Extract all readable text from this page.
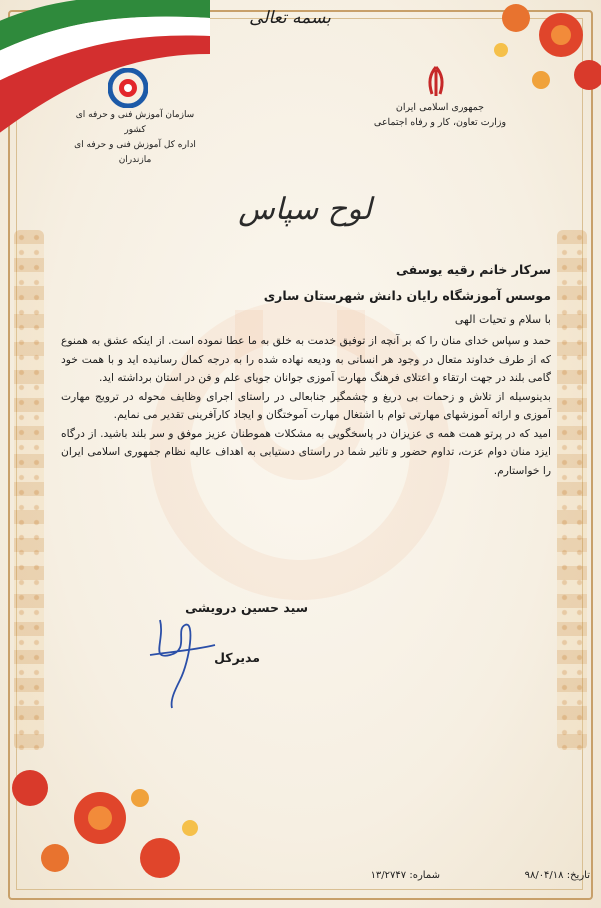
بسمه تعالی
سازمان آموزش فنی و حرفه ای کشور
اداره کل آموزش فنی و حرفه ای مازندران
جمهوری اسلامی ایران
وزارت تعاون، کار و رفاه اجتماعی
لوح سپاس
سرکار خانم رقیه یوسفی
موسس آموزشگاه رایان دانش شهرستان ساری
با سلام و تحیات الهی

حمد و سپاس خدای منان را که بر آنچه از توفیق خدمت به خلق به ما عطا نموده است. از اینکه عشق به همنوع که از طرف خداوند متعال در وجود هر انسانی به ودیعه نهاده شده را به درجه کمال رسانیده اید و با همت خود گامی بلند در جهت ارتقاء و اعتلای فرهنگ مهارت آموزی جوانان جویای علم و فن در استان برداشته اید.

بدینوسیله از تلاش و زحمات بی دریغ و چشمگیر جنابعالی در راستای اجرای وظایف محوله در ترویج مهارت آموزی و ارائه آموزشهای مهارتی توام با اشتغال مهارت آموختگان و ایجاد کارآفرینی تقدیر می نمایم.

امید که در پرتو همت همه ی عزیزان در پاسخگویی به مشکلات هموطنان عزیز موفق و سر بلند باشید. از درگاه ایزد منان دوام عزت، تداوم حضور و تاثیر شما در راستای دستیابی به اهداف عالیه نظام جمهوری اسلامی ایران را خواستارم.

سید حسین درویشی
مدیرکل
تاریخ: ۹۸/۰۴/۱۸
شماره: ۱۳/۲۷۴۷
